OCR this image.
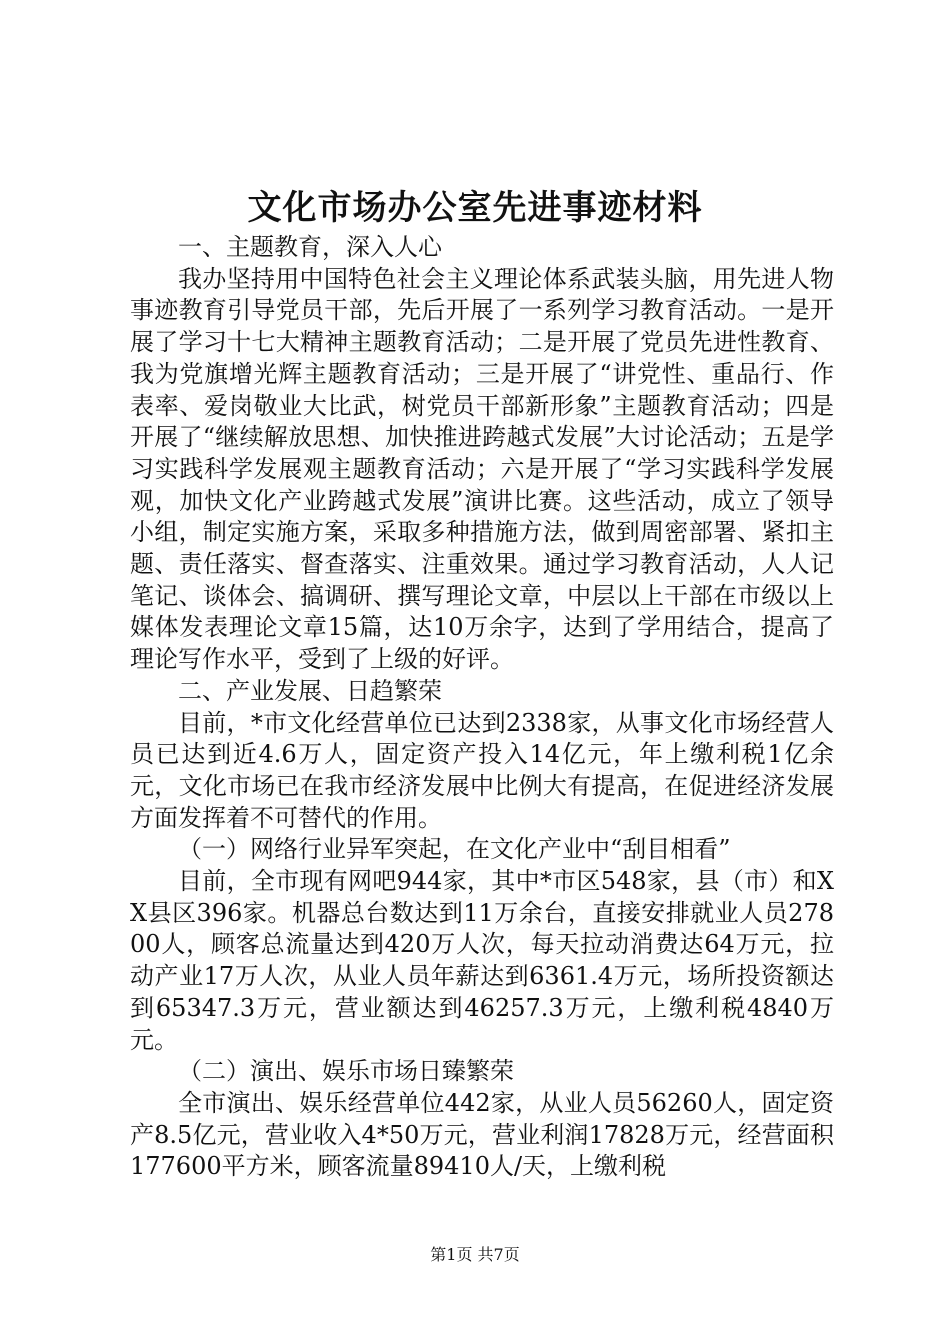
文化市场办公室先进事迹材料

一、主题教育，深入人心

我办坚持用中国特色社会主义理论体系武装头脑，用先进人物事迹教育引导党员干部，先后开展了一系列学习教育活动。一是开展了学习十七大精神主题教育活动；二是开展了党员先进性教育、我为党旗增光辉主题教育活动；三是开展了“讲党性、重品行、作表率、爱岗敬业大比武，树党员干部新形象”主题教育活动；四是开展了“继续解放思想、加快推进跨越式发展”大讨论活动；五是学习实践科学发展观主题教育活动；六是开展了“学习实践科学发展观，加快文化产业跨越式发展”演讲比赛。这些活动，成立了领导小组，制定实施方案，采取多种措施方法，做到周密部署、紧扣主题、责任落实、督查落实、注重效果。通过学习教育活动，人人记笔记、谈体会、搞调研、撰写理论文章，中层以上干部在市级以上媒体发表理论文章15篇，达10万余字，达到了学用结合，提高了理论写作水平，受到了上级的好评。

二、产业发展、日趋繁荣

目前，*市文化经营单位已达到2338家，从事文化市场经营人员已达到近4.6万人，固定资产投入14亿元，年上缴利税1亿余元，文化市场已在我市经济发展中比例大有提高，在促进经济发展方面发挥着不可替代的作用。

（一）网络行业异军突起，在文化产业中“刮目相看”

目前，全市现有网吧944家，其中*市区548家，县（市）和XX县区396家。机器总台数达到11万余台，直接安排就业人员27800人，顾客总流量达到420万人次，每天拉动消费达64万元，拉动产业17万人次，从业人员年薪达到6361.4万元，场所投资额达到65347.3万元，营业额达到46257.3万元，上缴利税4840万元。

（二）演出、娱乐市场日臻繁荣

全市演出、娱乐经营单位442家，从业人员56260人，固定资产8.5亿元，营业收入4*50万元，营业利润17828万元，经营面积177600平方米，顾客流量89410人/天，上缴利税

第1页 共7页
